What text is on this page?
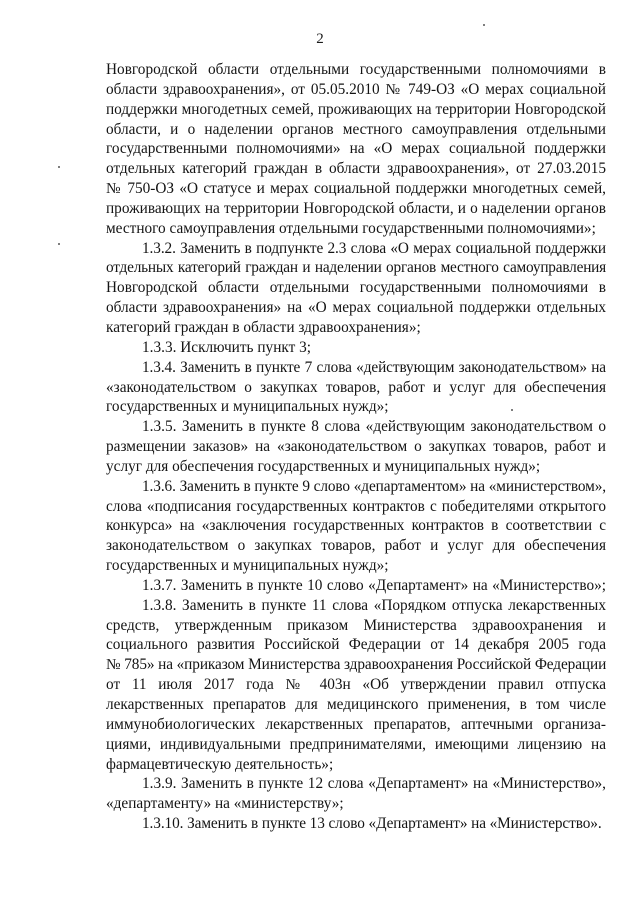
2
Новгородской области отдельными государственными полномочиями в
области здравоохранения», от 05.05.2010 № 749-ОЗ «О мерах социальной
поддержки многодетных семей, проживающих на территории Новгородской
области, и о наделении органов местного самоуправления отдельными
государственными полномочиями» на «О мерах социальной поддержки
отдельных категорий граждан в области здравоохранения», от 27.03.2015
№ 750-ОЗ «О статусе и мерах социальной поддержки многодетных семей,
проживающих на территории Новгородской области, и о наделении органов
местного самоуправления отдельными государственными полномочиями»;
1.3.2. Заменить в подпункте 2.3 слова «О мерах социальной поддержки
отдельных категорий граждан и наделении органов местного самоуправления
Новгородской области отдельными государственными полномочиями в
области здравоохранения» на «О мерах социальной поддержки отдельных
категорий граждан в области здравоохранения»;
1.3.3. Исключить пункт 3;
1.3.4. Заменить в пункте 7 слова «действующим законодательством» на
«законодательством о закупках товаров, работ и услуг для обеспечения
государственных и муниципальных нужд»;
1.3.5. Заменить в пункте 8 слова «действующим законодательством о
размещении заказов» на «законодательством о закупках товаров, работ и
услуг для обеспечения государственных и муниципальных нужд»;
1.3.6. Заменить в пункте 9 слово «департаментом» на «министерством»,
слова «подписания государственных контрактов с победителями открытого
конкурса» на «заключения государственных контрактов в соответствии с
законодательством о закупках товаров, работ и услуг для обеспечения
государственных и муниципальных нужд»;
1.3.7. Заменить в пункте 10 слово «Департамент» на «Министерство»;
1.3.8. Заменить в пункте 11 слова «Порядком отпуска лекарственных
средств, утвержденным приказом Министерства здравоохранения и
социального развития Российской Федерации от 14 декабря 2005 года
№ 785» на «приказом Министерства здравоохранения Российской Федерации
от 11 июля 2017 года № 403н «Об утверждении правил отпуска
лекарственных препаратов для медицинского применения, в том числе
иммунобиологических лекарственных препаратов, аптечными организа-
циями, индивидуальными предпринимателями, имеющими лицензию на
фармацевтическую деятельность»;
1.3.9. Заменить в пункте 12 слова «Департамент» на «Министерство»,
«департаменту» на «министерству»;
1.3.10. Заменить в пункте 13 слово «Департамент» на «Министерство».
